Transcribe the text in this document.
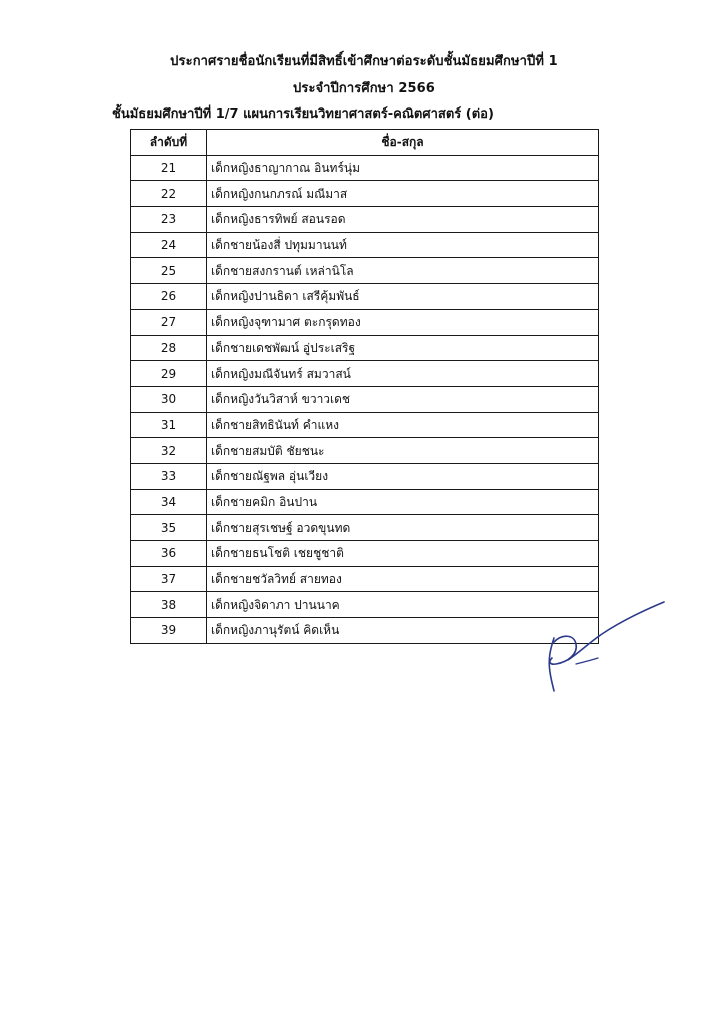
ประกาศรายชื่อนักเรียนที่มีสิทธิ์เข้าศึกษาต่อระดับชั้นมัธยมศึกษาปีที่ 1
ประจำปีการศึกษา 2566
ชั้นมัธยมศึกษาปีที่ 1/7 แผนการเรียนวิทยาศาสตร์-คณิตศาสตร์ (ต่อ)
ลำดับที่	ชื่อ-สกุล
21	เด็กหญิงธาญากาณ อินทร์นุ่ม
22	เด็กหญิงกนกภรณ์ มณีมาส
23	เด็กหญิงธารทิพย์ สอนรอด
24	เด็กชายน้องสี่ ปทุมมานนท์
25	เด็กชายสงกรานต์ เหล่านิโล
26	เด็กหญิงปานธิดา เสรีคุ้มพันธ์
27	เด็กหญิงจุฑามาศ ตะกรุดทอง
28	เด็กชายเดชพัฒน์ อู่ประเสริฐ
29	เด็กหญิงมณีจันทร์ สมวาสน์
30	เด็กหญิงวันวิสาห์ ขวาวเดช
31	เด็กชายสิทธินันท์ คำแหง
32	เด็กชายสมบัติ ชัยชนะ
33	เด็กชายณัฐพล อุ่นเวียง
34	เด็กชายคมิก อินปาน
35	เด็กชายสุรเชษฐ์ อวดขุนทด
36	เด็กชายธนโชติ เชยชูชาติ
37	เด็กชายชวัลวิทย์ สายทอง
38	เด็กหญิงจิดาภา ปานนาค
39	เด็กหญิงภานุรัตน์ คิดเห็น
